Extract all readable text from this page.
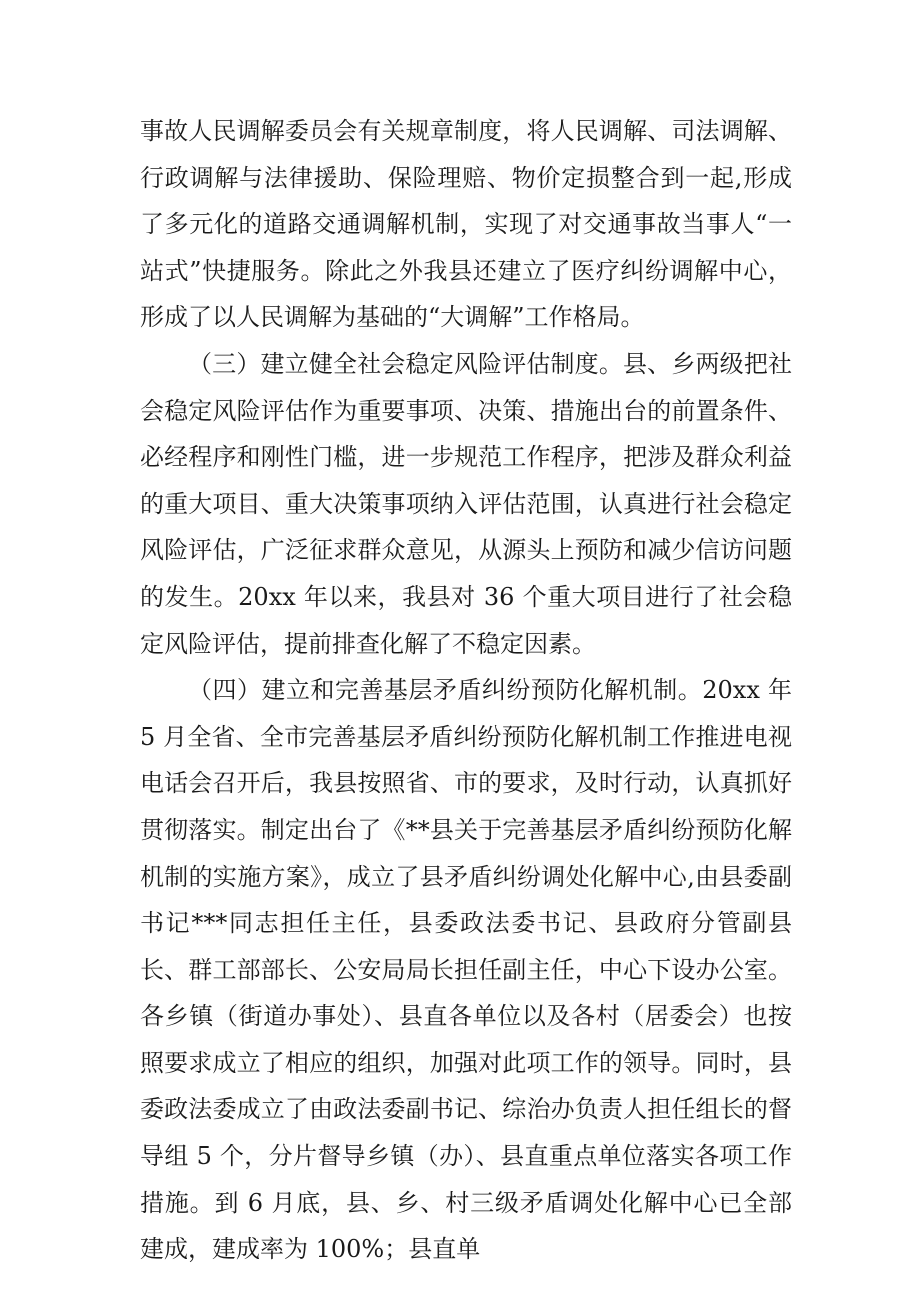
事故人民调解委员会有关规章制度，将人民调解、司法调解、行政调解与法律援助、保险理赔、物价定损整合到一起,形成了多元化的道路交通调解机制，实现了对交通事故当事人“一站式”快捷服务。除此之外我县还建立了医疗纠纷调解中心，形成了以人民调解为基础的“大调解”工作格局。

（三）建立健全社会稳定风险评估制度。县、乡两级把社会稳定风险评估作为重要事项、决策、措施出台的前置条件、必经程序和刚性门槛，进一步规范工作程序，把涉及群众利益的重大项目、重大决策事项纳入评估范围，认真进行社会稳定风险评估，广泛征求群众意见，从源头上预防和减少信访问题的发生。20xx 年以来，我县对 36 个重大项目进行了社会稳定风险评估，提前排查化解了不稳定因素。

（四）建立和完善基层矛盾纠纷预防化解机制。20xx 年 5 月全省、全市完善基层矛盾纠纷预防化解机制工作推进电视电话会召开后，我县按照省、市的要求，及时行动，认真抓好贯彻落实。制定出台了《**县关于完善基层矛盾纠纷预防化解机制的实施方案》，成立了县矛盾纠纷调处化解中心,由县委副书记***同志担任主任，县委政法委书记、县政府分管副县长、群工部部长、公安局局长担任副主任，中心下设办公室。各乡镇（街道办事处）、县直各单位以及各村（居委会）也按照要求成立了相应的组织，加强对此项工作的领导。同时，县委政法委成立了由政法委副书记、综治办负责人担任组长的督导组 5 个，分片督导乡镇（办）、县直重点单位落实各项工作措施。到 6 月底，县、乡、村三级矛盾调处化解中心已全部建成，建成率为 100%；县直单
